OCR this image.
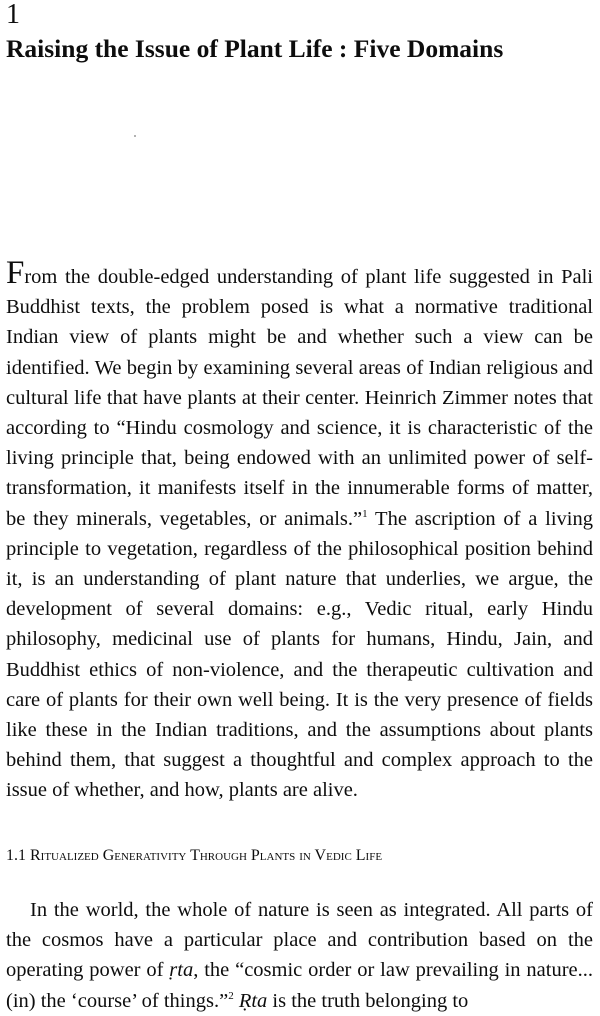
1
Raising the Issue of Plant Life : Five Domains

From the double-edged understanding of plant life suggested in Pali Buddhist texts, the problem posed is what a normative traditional Indian view of plants might be and whether such a view can be identified. We begin by examining several areas of Indian religious and cultural life that have plants at their center. Heinrich Zimmer notes that according to “Hindu cosmology and science, it is characteristic of the living principle that, being endowed with an unlimited power of self-transformation, it manifests itself in the innumerable forms of matter, be they minerals, vegetables, or animals.”$^1$ The ascription of a living principle to vegetation, regardless of the philosophical position behind it, is an understanding of plant nature that underlies, we argue, the development of several domains: e.g., Vedic ritual, early Hindu philosophy, medicinal use of plants for humans, Hindu, Jain, and Buddhist ethics of non-violence, and the therapeutic cultivation and care of plants for their own well being. It is the very presence of fields like these in the Indian traditions, and the assumptions about plants behind them, that suggest a thoughtful and complex approach to the issue of whether, and how, plants are alive.

1.1 Ritualized Generativity Through Plants in Vedic Life

In the world, the whole of nature is seen as integrated. All parts of the cosmos have a particular place and contribution based on the operating power of ṛta, the “cosmic order or law prevailing in nature...(in) the ‘course’ of things.”$^2$ Ṛta is the truth belonging to
